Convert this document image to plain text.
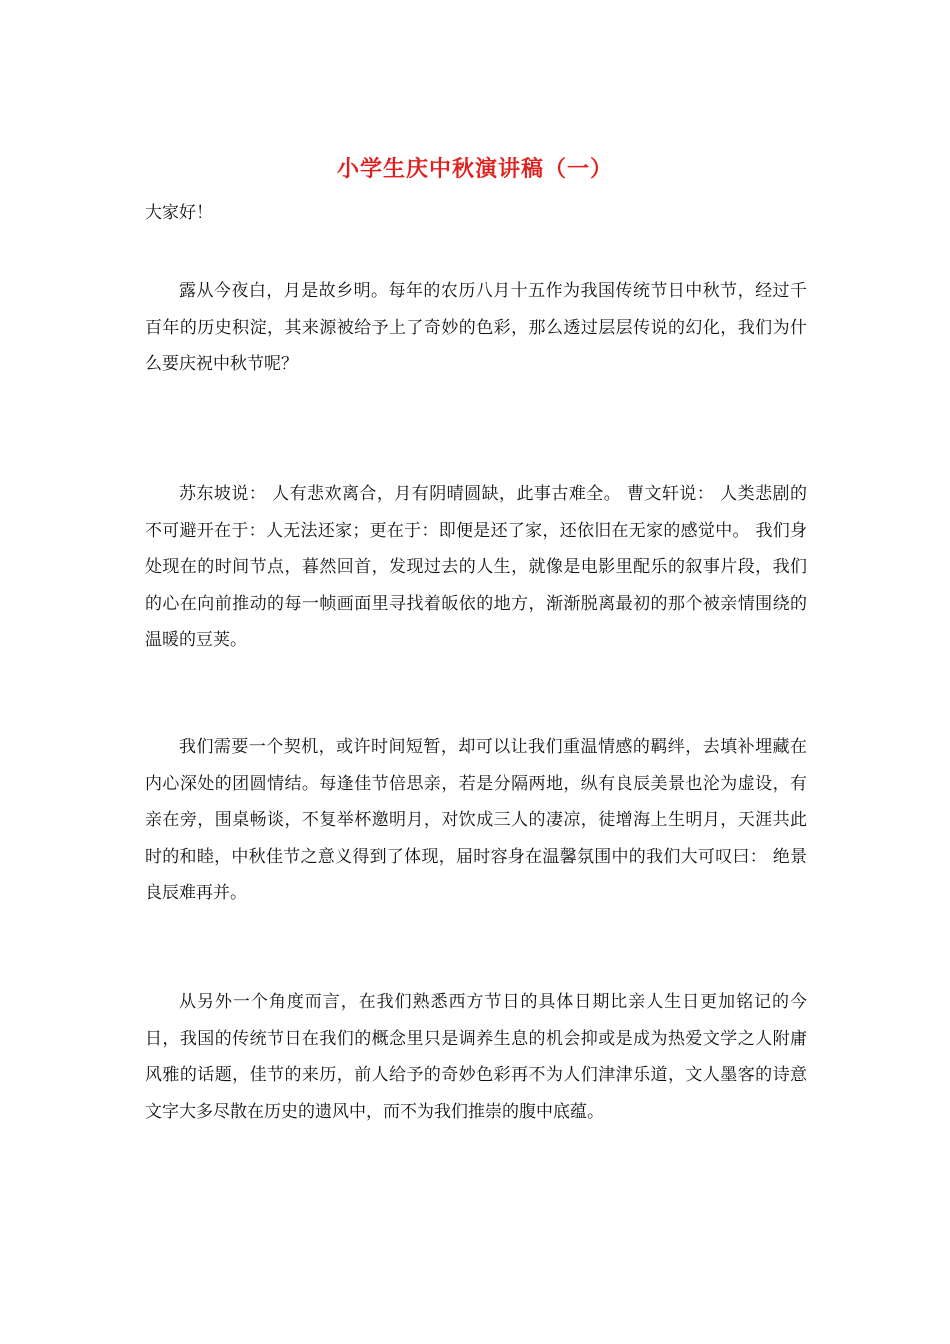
小学生庆中秋演讲稿（一）
大家好！

露从今夜白，月是故乡明。每年的农历八月十五作为我国传统节日中秋节，经过千百年的历史积淀，其来源被给予上了奇妙的色彩，那么透过层层传说的幻化，我们为什么要庆祝中秋节呢？

苏东坡说： 人有悲欢离合，月有阴晴圆缺，此事古难全。 曹文轩说： 人类悲剧的不可避开在于：人无法还家；更在于：即便是还了家，还依旧在无家的感觉中。 我们身处现在的时间节点，暮然回首，发现过去的人生，就像是电影里配乐的叙事片段，我们的心在向前推动的每一帧画面里寻找着皈依的地方，渐渐脱离最初的那个被亲情围绕的温暖的豆荚。

我们需要一个契机，或许时间短暂，却可以让我们重温情感的羁绊，去填补埋藏在内心深处的团圆情结。每逢佳节倍思亲，若是分隔两地，纵有良辰美景也沦为虚设，有亲在旁，围桌畅谈，不复举杯邀明月，对饮成三人的凄凉，徒增海上生明月，天涯共此时的和睦，中秋佳节之意义得到了体现，届时容身在温馨氛围中的我们大可叹曰： 绝景良辰难再并。

从另外一个角度而言，在我们熟悉西方节日的具体日期比亲人生日更加铭记的今日，我国的传统节日在我们的概念里只是调养生息的机会抑或是成为热爱文学之人附庸风雅的话题，佳节的来历，前人给予的奇妙色彩再不为人们津津乐道，文人墨客的诗意文字大多尽散在历史的遗风中，而不为我们推崇的腹中底蕴。
